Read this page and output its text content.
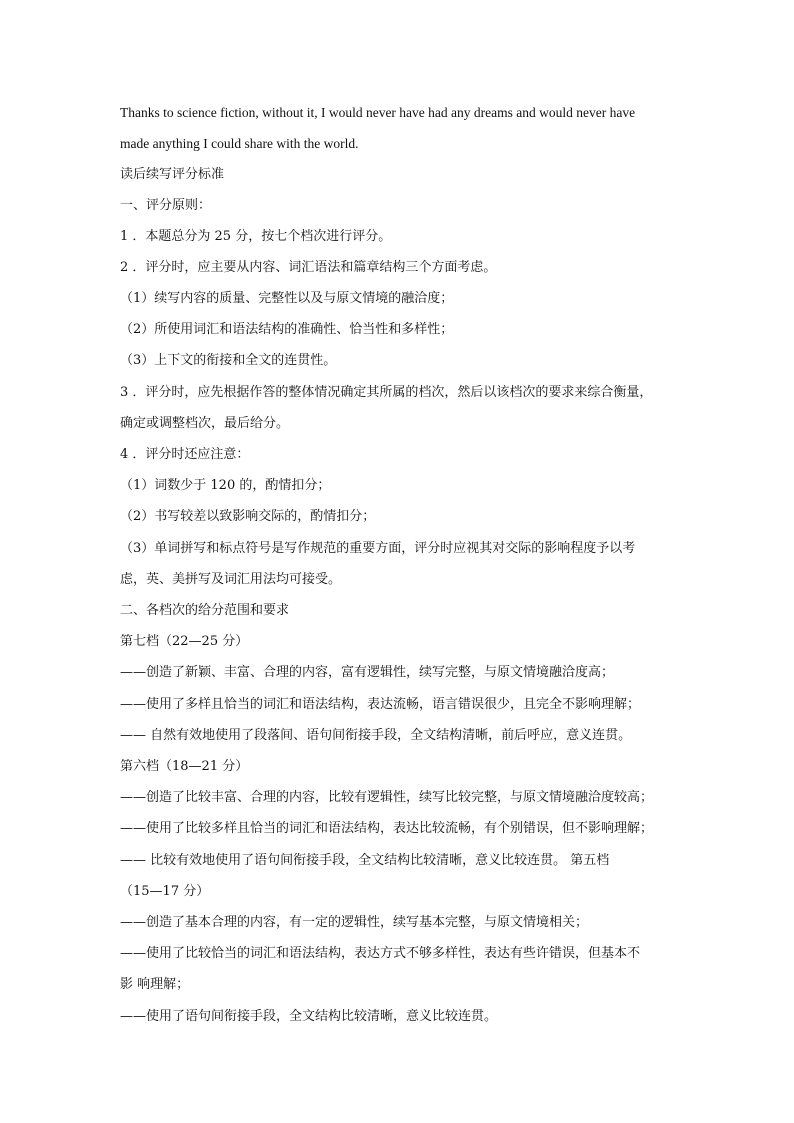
Thanks to science fiction, without it, I would never have had any dreams and would never have
made anything I could share with the world.
读后续写评分标准
一、评分原则：
1 ．本题总分为 25 分，按七个档次进行评分。
2 ．评分时，应主要从内容、词汇语法和篇章结构三个方面考虑。
（1）续写内容的质量、完整性以及与原文情境的融洽度；
（2）所使用词汇和语法结构的准确性、恰当性和多样性；
（3）上下文的衔接和全文的连贯性。
3 ．评分时，应先根据作答的整体情况确定其所属的档次，然后以该档次的要求来综合衡量，
确定或调整档次，最后给分。
4 ．评分时还应注意：
（1）词数少于 120 的，酌情扣分；
（2）书写较差以致影响交际的，酌情扣分；
（3）单词拼写和标点符号是写作规范的重要方面，评分时应视其对交际的影响程度予以考
虑，英、美拼写及词汇用法均可接受。
二、各档次的给分范围和要求
第七档（22—25 分）
——创造了新颖、丰富、合理的内容，富有逻辑性，续写完整，与原文情境融洽度高；
——使用了多样且恰当的词汇和语法结构，表达流畅，语言错误很少，且完全不影响理解；
—— 自然有效地使用了段落间、语句间衔接手段，全文结构清晰，前后呼应，意义连贯。
第六档（18—21 分）
——创造了比较丰富、合理的内容，比较有逻辑性，续写比较完整，与原文情境融洽度较高；
——使用了比较多样且恰当的词汇和语法结构，表达比较流畅，有个别错误，但不影响理解；
—— 比较有效地使用了语句间衔接手段，全文结构比较清晰，意义比较连贯。 第五档
（15—17 分）
——创造了基本合理的内容，有一定的逻辑性，续写基本完整，与原文情境相关；
——使用了比较恰当的词汇和语法结构，表达方式不够多样性，表达有些许错误，但基本不
影 响理解；
——使用了语句间衔接手段，全文结构比较清晰，意义比较连贯。
